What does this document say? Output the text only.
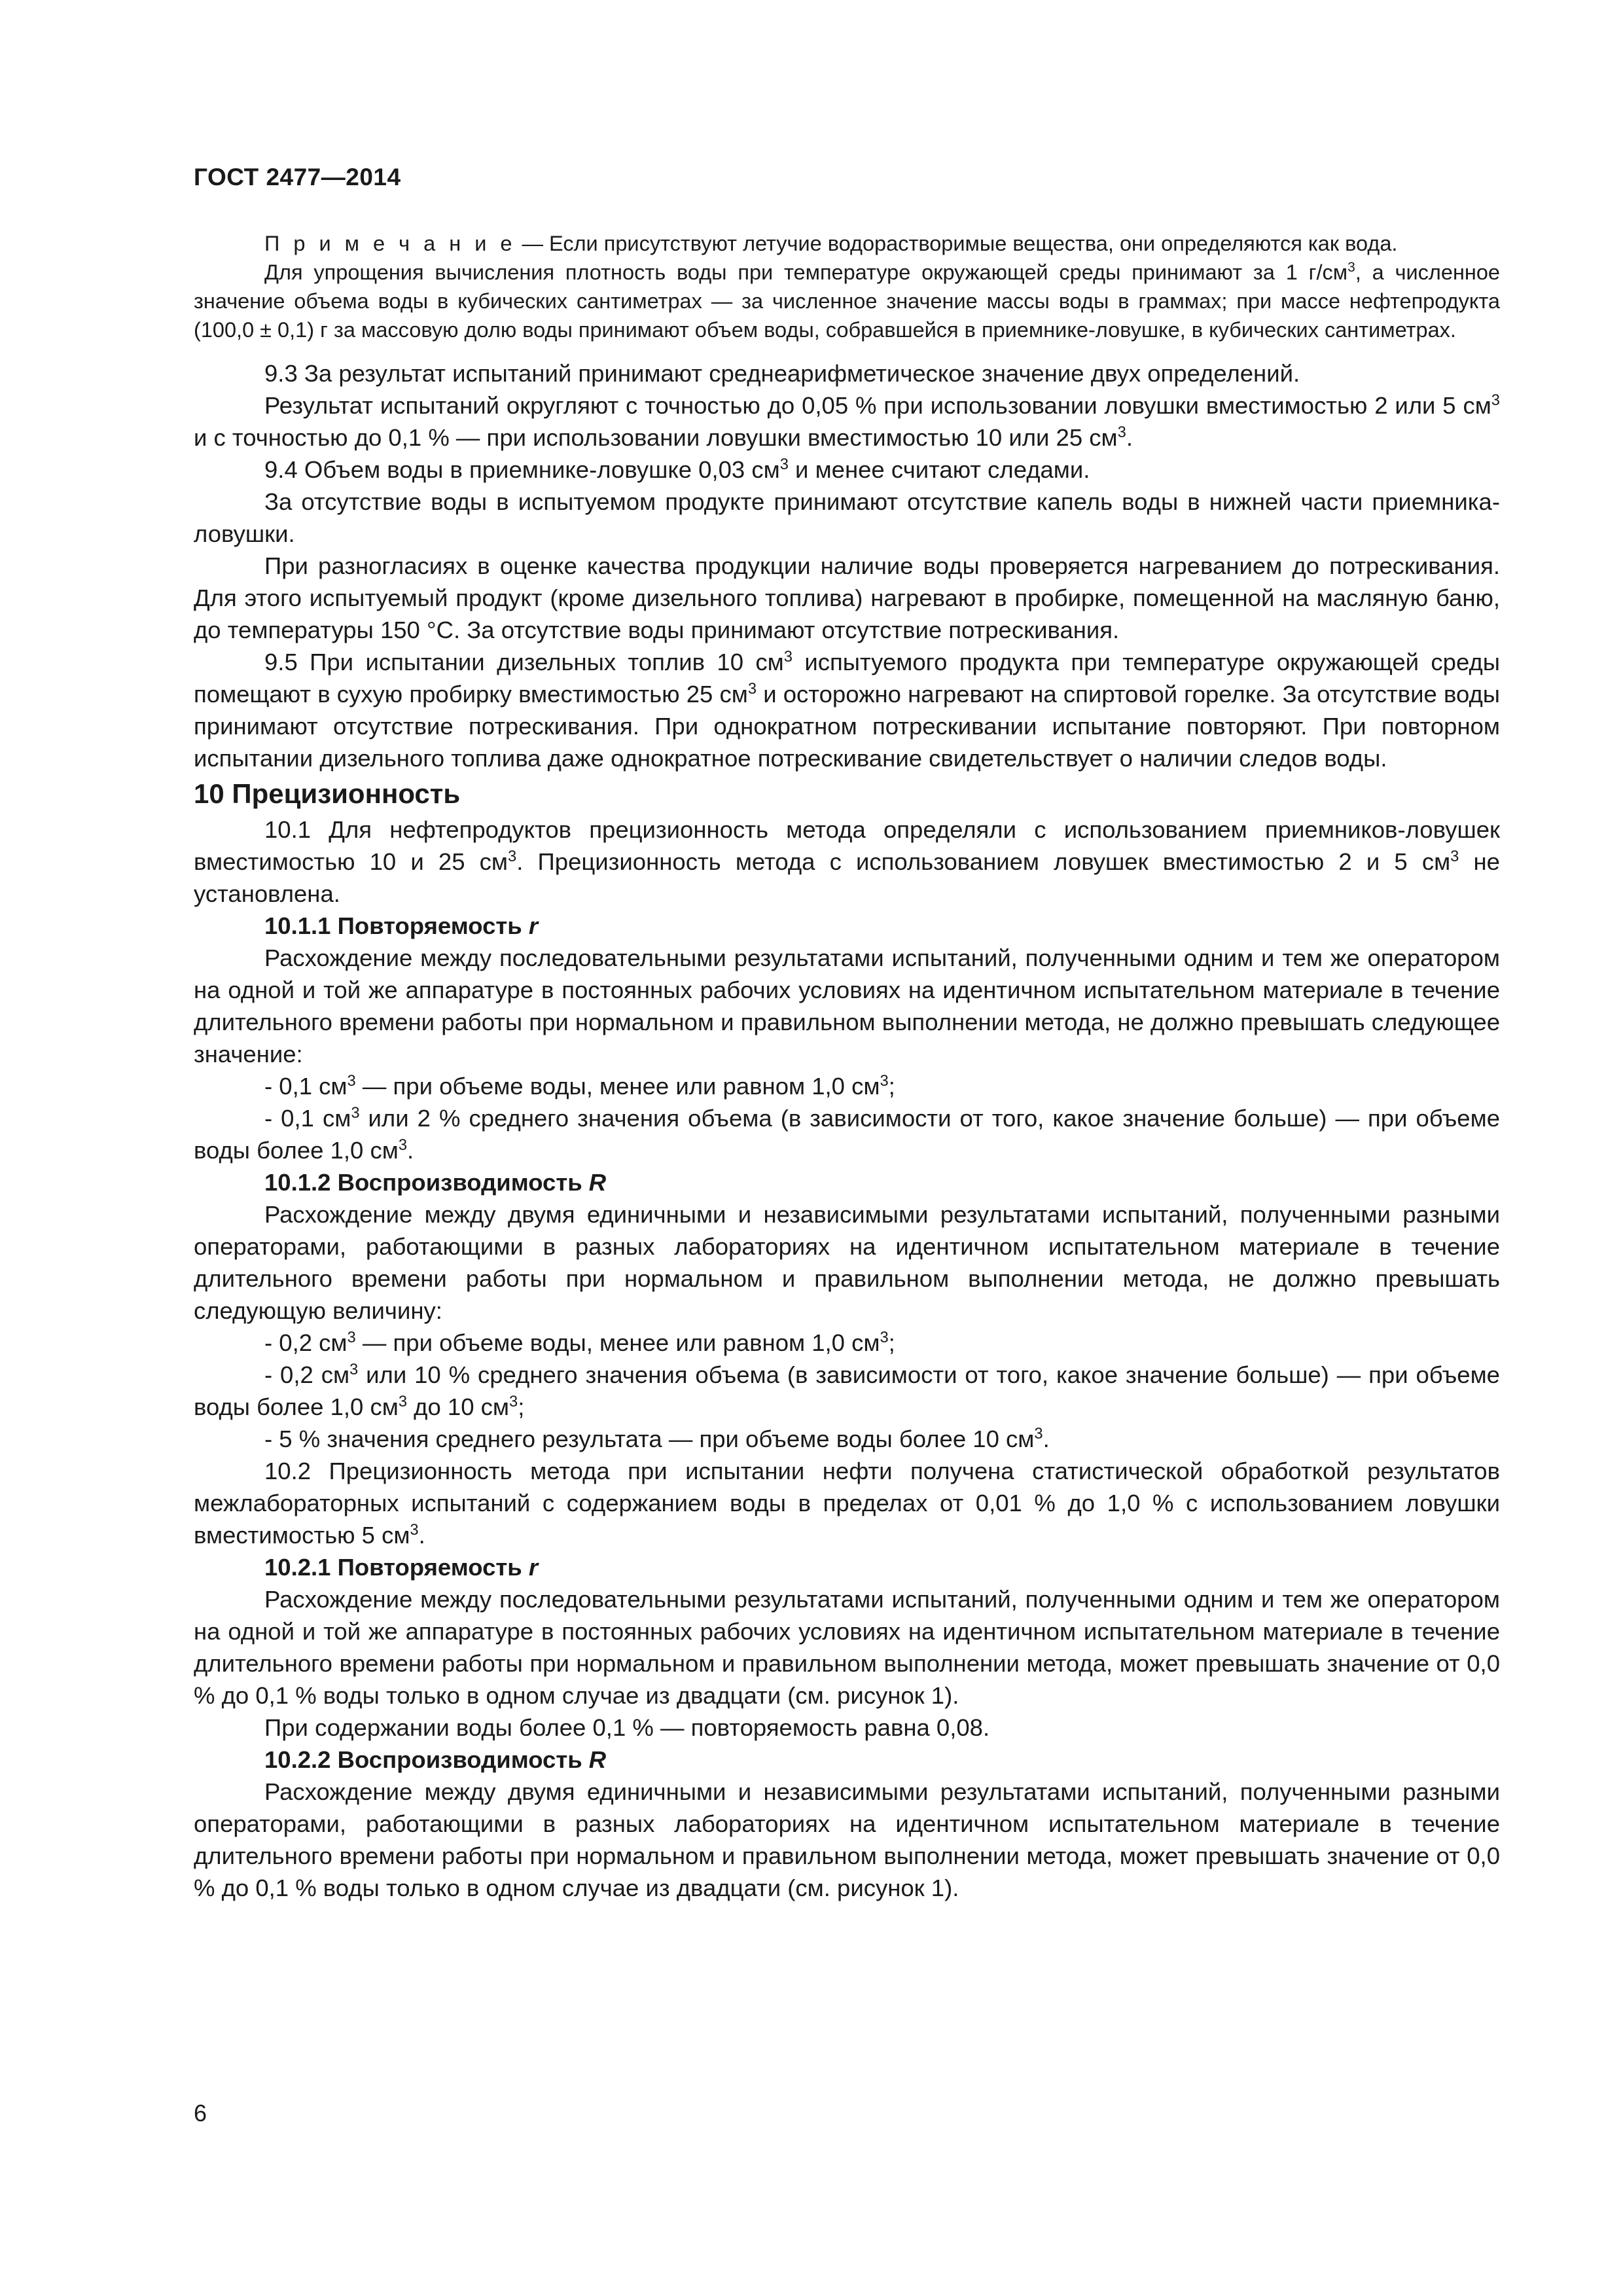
ГОСТ 2477—2014

П р и м е ч а н и е — Если присутствуют летучие водорастворимые вещества, они определяются как вода.

Для упрощения вычисления плотность воды при температуре окружающей среды принимают за 1 $г/см^3$, а численное значение объема воды в кубических сантиметрах — за численное значение массы воды в граммах; при массе нефтепродукта (100,0 ± 0,1) г за массовую долю воды принимают объем воды, собравшейся в приемнике-ловушке, в кубических сантиметрах.

9.3 За результат испытаний принимают среднеарифметическое значение двух определений.

Результат испытаний округляют с точностью до 0,05 % при использовании ловушки вместимостью 2 или 5 $см^3$ и с точностью до 0,1 % — при использовании ловушки вместимостью 10 или 25 $см^3$.

9.4 Объем воды в приемнике-ловушке 0,03 $см^3$ и менее считают следами.

За отсутствие воды в испытуемом продукте принимают отсутствие капель воды в нижней части приемника-ловушки.

При разногласиях в оценке качества продукции наличие воды проверяется нагреванием до потрескивания. Для этого испытуемый продукт (кроме дизельного топлива) нагревают в пробирке, помещенной на масляную баню, до температуры 150 °С. За отсутствие воды принимают отсутствие потрескивания.

9.5 При испытании дизельных топлив 10 $см^3$ испытуемого продукта при температуре окружающей среды помещают в сухую пробирку вместимостью 25 $см^3$ и осторожно нагревают на спиртовой горелке. За отсутствие воды принимают отсутствие потрескивания. При однократном потрескивании испытание повторяют. При повторном испытании дизельного топлива даже однократное потрескивание свидетельствует о наличии следов воды.

10 Прецизионность

10.1 Для нефтепродуктов прецизионность метода определяли с использованием приемников-ловушек вместимостью 10 и 25 $см^3$. Прецизионность метода с использованием ловушек вместимостью 2 и 5 $см^3$ не установлена.

10.1.1 Повторяемость r

Расхождение между последовательными результатами испытаний, полученными одним и тем же оператором на одной и той же аппаратуре в постоянных рабочих условиях на идентичном испытательном материале в течение длительного времени работы при нормальном и правильном выполнении метода, не должно превышать следующее значение:

- 0,1 $см^3$ — при объеме воды, менее или равном 1,0 $см^3$;

- 0,1 $см^3$ или 2 % среднего значения объема (в зависимости от того, какое значение больше) — при объеме воды более 1,0 $см^3$.

10.1.2 Воспроизводимость R

Расхождение между двумя единичными и независимыми результатами испытаний, полученными разными операторами, работающими в разных лабораториях на идентичном испытательном материале в течение длительного времени работы при нормальном и правильном выполнении метода, не должно превышать следующую величину:

- 0,2 $см^3$ — при объеме воды, менее или равном 1,0 $см^3$;

- 0,2 $см^3$ или 10 % среднего значения объема (в зависимости от того, какое значение больше) — при объеме воды более 1,0 $см^3$ до 10 $см^3$;

- 5 % значения среднего результата — при объеме воды более 10 $см^3$.

10.2 Прецизионность метода при испытании нефти получена статистической обработкой результатов межлабораторных испытаний с содержанием воды в пределах от 0,01 % до 1,0 % с использованием ловушки вместимостью 5 $см^3$.

10.2.1 Повторяемость r

Расхождение между последовательными результатами испытаний, полученными одним и тем же оператором на одной и той же аппаратуре в постоянных рабочих условиях на идентичном испытательном материале в течение длительного времени работы при нормальном и правильном выполнении метода, может превышать значение от 0,0 % до 0,1 % воды только в одном случае из двадцати (см. рисунок 1).

При содержании воды более 0,1 % — повторяемость равна 0,08.

10.2.2 Воспроизводимость R

Расхождение между двумя единичными и независимыми результатами испытаний, полученными разными операторами, работающими в разных лабораториях на идентичном испытательном материале в течение длительного времени работы при нормальном и правильном выполнении метода, может превышать значение от 0,0 % до 0,1 % воды только в одном случае из двадцати (см. рисунок 1).

6
